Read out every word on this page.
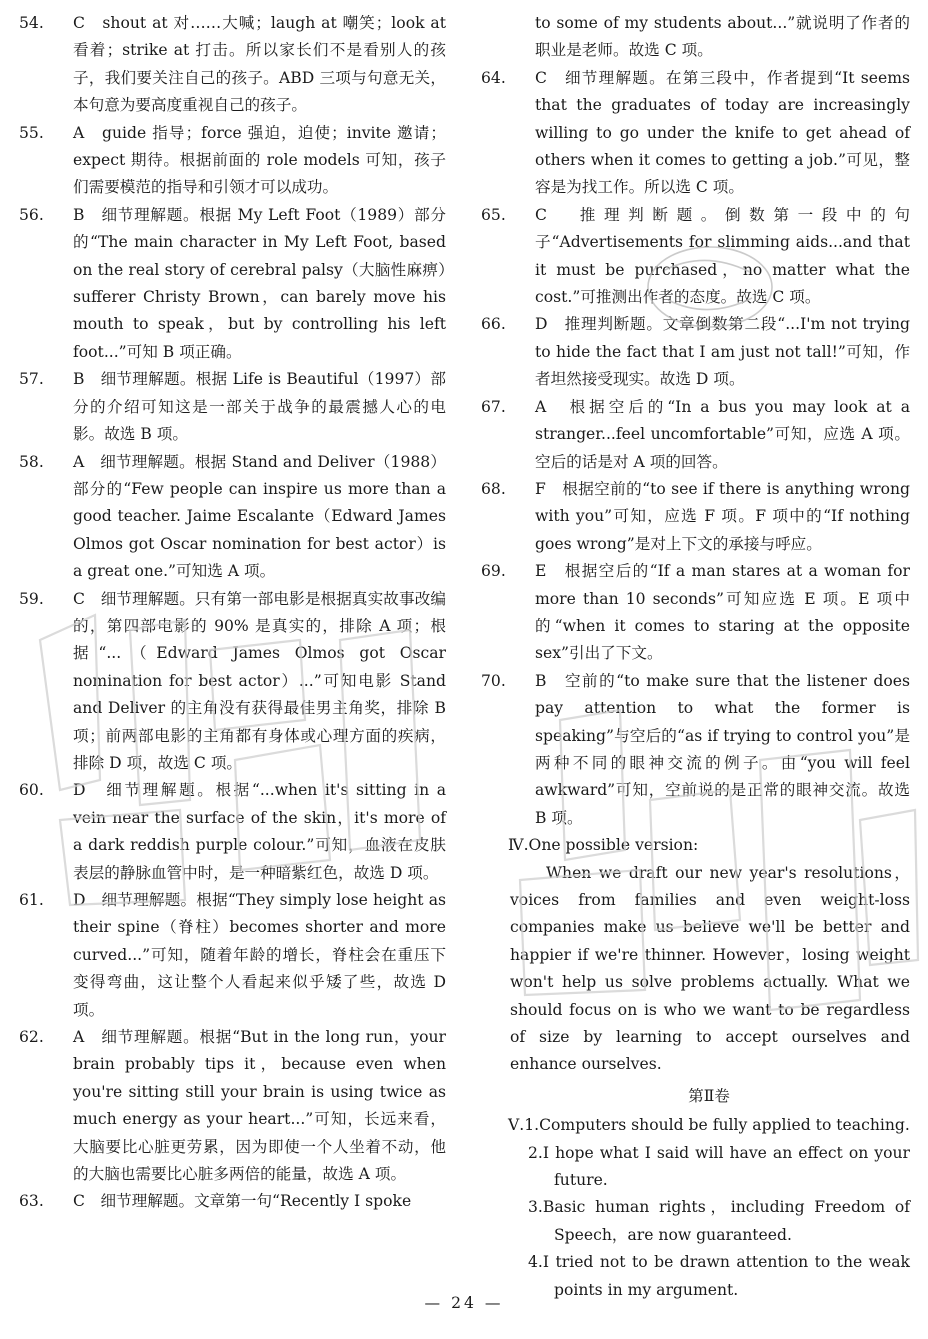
54. C　shout at 对……大喊；laugh at 嘲笑；look at 看着；strike at 打击。所以家长们不是看别人的孩子，我们要关注自己的孩子。ABD 三项与句意无关，本句意为要高度重视自己的孩子。

55. A　guide 指导；force 强迫，迫使；invite 邀请；expect 期待。根据前面的 role models 可知，孩子们需要模范的指导和引领才可以成功。

56. B　细节理解题。根据 My Left Foot（1989）部分的“The main character in My Left Foot, based on the real story of cerebral palsy（大脑性麻痹）sufferer Christy Brown，can barely move his mouth to speak，but by controlling his left foot...”可知 B 项正确。

57. B　细节理解题。根据 Life is Beautiful（1997）部分的介绍可知这是一部关于战争的最震撼人心的电影。故选 B 项。

58. A　细节理解题。根据 Stand and Deliver（1988）部分的“Few people can inspire us more than a good teacher. Jaime Escalante（Edward James Olmos got Oscar nomination for best actor）is a great one.”可知选 A 项。

59. C　细节理解题。只有第一部电影是根据真实故事改编的，第四部电影的 90% 是真实的，排除 A 项；根据“...（Edward James Olmos got Oscar nomination for best actor）...”可知电影 Stand and Deliver 的主角没有获得最佳男主角奖，排除 B 项；前两部电影的主角都有身体或心理方面的疾病，排除 D 项，故选 C 项。

60. D　细节理解题。根据“...when it's sitting in a vein near the surface of the skin，it's more of a dark reddish purple colour.”可知，血液在皮肤表层的静脉血管中时，是一种暗紫红色，故选 D 项。

61. D　细节理解题。根据“They simply lose height as their spine（脊柱）becomes shorter and more curved...”可知，随着年龄的增长，脊柱会在重压下变得弯曲，这让整个人看起来似乎矮了些，故选 D 项。

62. A　细节理解题。根据“But in the long run，your brain probably tips it，because even when you're sitting still your brain is using twice as much energy as your heart...”可知，长远来看，大脑要比心脏更劳累，因为即使一个人坐着不动，他的大脑也需要比心脏多两倍的能量，故选 A 项。

63. C　细节理解题。文章第一句“Recently I spoke

to some of my students about...”就说明了作者的职业是老师。故选 C 项。

64. C　细节理解题。在第三段中，作者提到“It seems that the graduates of today are increasingly willing to go under the knife to get ahead of others when it comes to getting a job.”可见，整容是为找工作。所以选 C 项。

65. C　推理判断题。倒数第一段中的句子“Advertisements for slimming aids...and that it must be purchased，no matter what the cost.”可推测出作者的态度。故选 C 项。

66. D　推理判断题。文章倒数第二段“...I'm not trying to hide the fact that I am just not tall!”可知，作者坦然接受现实。故选 D 项。

67. A　根据空后的“In a bus you may look at a stranger...feel uncomfortable”可知，应选 A 项。空后的话是对 A 项的回答。

68. F　根据空前的“to see if there is anything wrong with you”可知，应选 F 项。F 项中的“If nothing goes wrong”是对上下文的承接与呼应。

69. E　根据空后的“If a man stares at a woman for more than 10 seconds”可知应选 E 项。E 项中的“when it comes to staring at the opposite sex”引出了下文。

70. B　空前的“to make sure that the listener does pay attention to what the former is speaking”与空后的“as if trying to control you”是两种不同的眼神交流的例子。由“you will feel awkward”可知，空前说的是正常的眼神交流。故选 B 项。

Ⅳ.One possible version:

When we draft our new year's resolutions，voices from families and even weight-loss companies make us believe we'll be better and happier if we're thinner. However，losing weight won't help us solve problems actually. What we should focus on is who we want to be regardless of size by learning to accept ourselves and enhance ourselves.

第Ⅱ卷

Ⅴ.1.Computers should be fully applied to teaching.

2.I hope what I said will have an effect on your future.

3.Basic human rights，including Freedom of Speech，are now guaranteed.

4.I tried not to be drawn attention to the weak points in my argument.

— 24 —
